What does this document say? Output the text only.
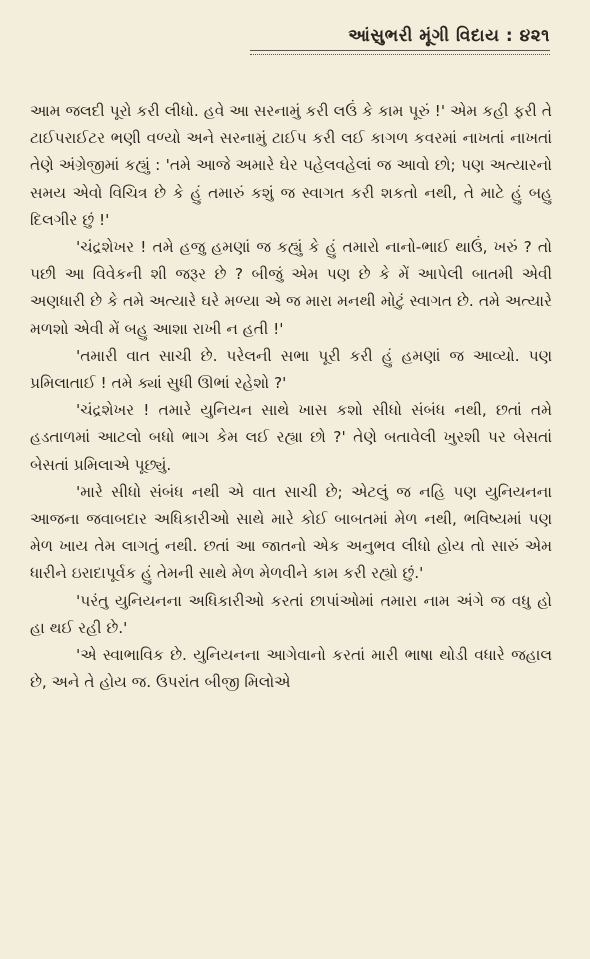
આંસુભરી મૂંગી વિદાય : ૪૨૧

આમ જલદી પૂરો કરી લીધો. હવે આ સરનામું કરી લઉં કે કામ પૂરું !' એમ કહી ફરી તે ટાઈપરાઈટર ભણી વળ્યો અને સરનામું ટાઈપ કરી લઈ કાગળ કવરમાં નાખતાં નાખતાં તેણે અંગ્રેજીમાં કહ્યું : 'તમે આજે અમારે ઘેર પહેલવહેલાં જ આવો છો; પણ અત્યારનો સમય એવો વિચિત્ર છે કે હું તમારું કશું જ સ્વાગત કરી શકતો નથી, તે માટે હું બહુ દિલગીર છું !'

'ચંદ્રશેખર ! તમે હજુ હમણાં જ કહ્યું કે હું તમારો નાનો-ભાઈ થાઉં, ખરું ? તો પછી આ વિવેકની શી જરૂર છે ? બીજું એમ પણ છે કે મેં આપેલી બાતમી એવી અણધારી છે કે તમે અત્યારે ઘરે મળ્યા એ જ મારા મનથી મોટું સ્વાગત છે. તમે અત્યારે મળશો એવી મેં બહુ આશા રાખી ન હતી !'

'તમારી વાત સાચી છે. પરેલની સભા પૂરી કરી હું હમણાં જ આવ્યો. પણ પ્રમિલાતાઈ ! તમે ક્યાં સુધી ઊભાં રહેશો ?'

'ચંદ્રશેખર ! તમારે યુનિયન સાથે ખાસ કશો સીધો સંબંધ નથી, છતાં તમે હડતાળમાં આટલો બધો ભાગ કેમ લઈ રહ્યા છો ?' તેણે બતાવેલી ખુરશી પર બેસતાં બેસતાં પ્રમિલાએ પૂછ્યું.

'મારે સીધો સંબંધ નથી એ વાત સાચી છે; એટલું જ નહિ પણ યુનિયનના આજના જવાબદાર અધિકારીઓ સાથે મારે કોઈ બાબતમાં મેળ નથી, ભવિષ્યમાં પણ મેળ ખાય તેમ લાગતું નથી. છતાં આ જાતનો એક અનુભવ લીધો હોય તો સારું એમ ધારીને ઇરાદાપૂર્વક હું તેમની સાથે મેળ મેળવીને કામ કરી રહ્યો છું.'

'પરંતુ યુનિયનના અધિકારીઓ કરતાં છાપાંઓમાં તમારા નામ અંગે જ વધુ હો હા થઈ રહી છે.'

'એ સ્વાભાવિક છે. યુનિયનના આગેવાનો કરતાં મારી ભાષા થોડી વધારે જહાલ છે, અને તે હોય જ. ઉપરાંત બીજી મિલોએ
